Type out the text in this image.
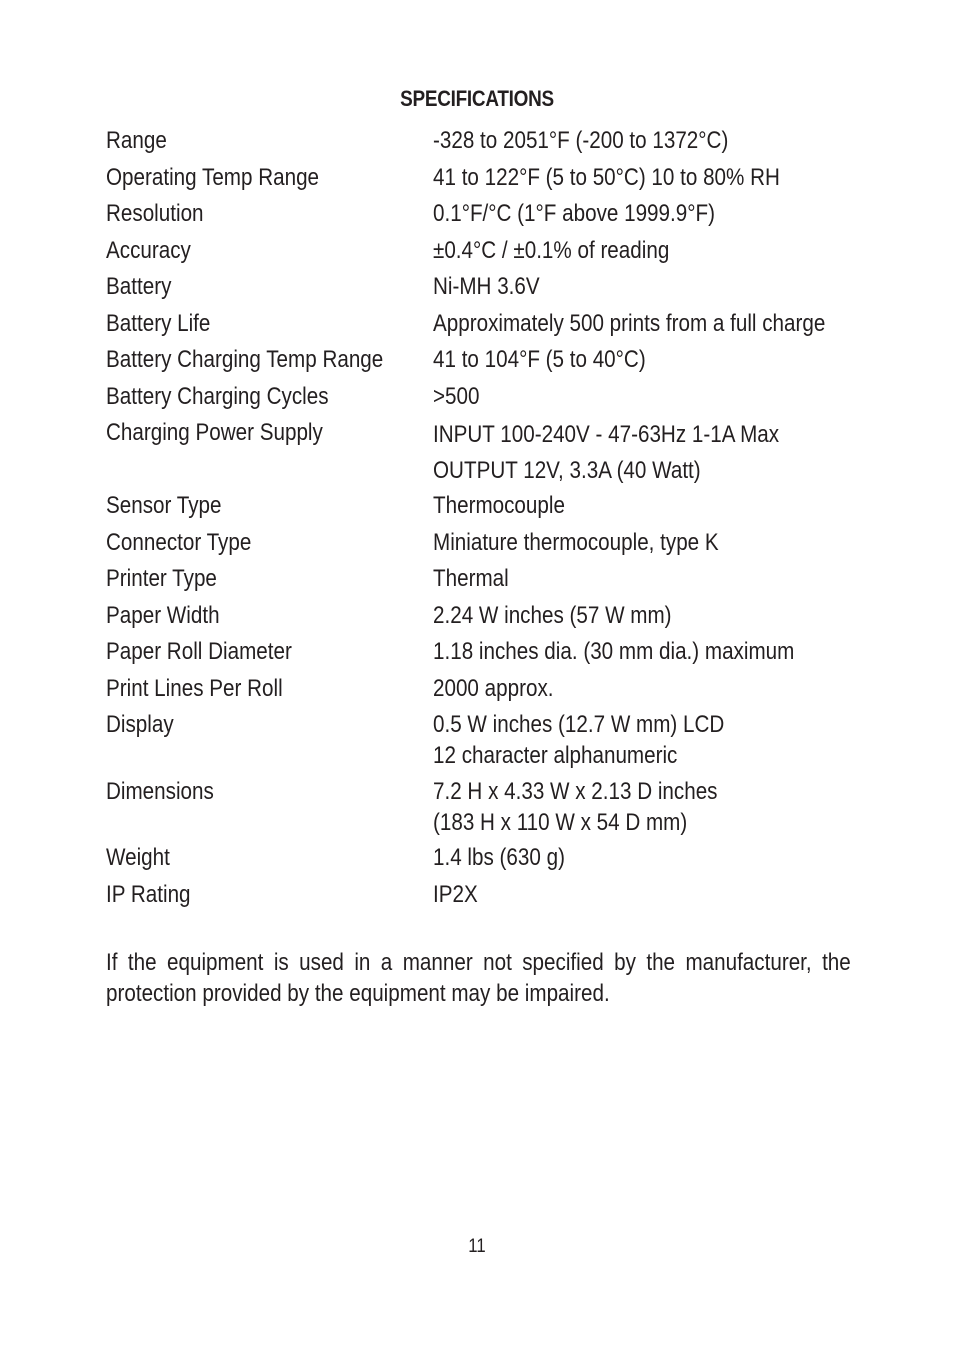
SPECIFICATIONS
Range	-328 to 2051°F (-200 to 1372°C)
Operating Temp Range	41 to 122°F (5 to 50°C) 10 to 80% RH
Resolution	0.1°F/°C (1°F above 1999.9°F)
Accuracy	±0.4°C / ±0.1% of reading
Battery	Ni-MH 3.6V
Battery Life	Approximately 500 prints from a full charge
Battery Charging Temp Range 41 to 104°F (5 to 40°C)
Battery Charging Cycles	>500
Charging Power Supply	INPUT 100-240V - 47-63Hz 1-1A Max
OUTPUT 12V, 3.3A (40 Watt)
Sensor Type	Thermocouple
Connector Type	Miniature thermocouple, type K
Printer Type	Thermal
Paper Width	2.24 W inches (57 W mm)
Paper Roll Diameter	1.18 inches dia. (30 mm dia.) maximum
Print Lines Per Roll	2000 approx.
Display	0.5 W inches (12.7 W mm) LCD
12 character alphanumeric
Dimensions	7.2 H x 4.33 W x 2.13 D inches
(183 H x 110 W x 54 D mm)
Weight	1.4 lbs (630 g)
IP Rating	IP2X
If the equipment is used in a manner not specified by the manufacturer, the protection provided by the equipment may be impaired.
11
